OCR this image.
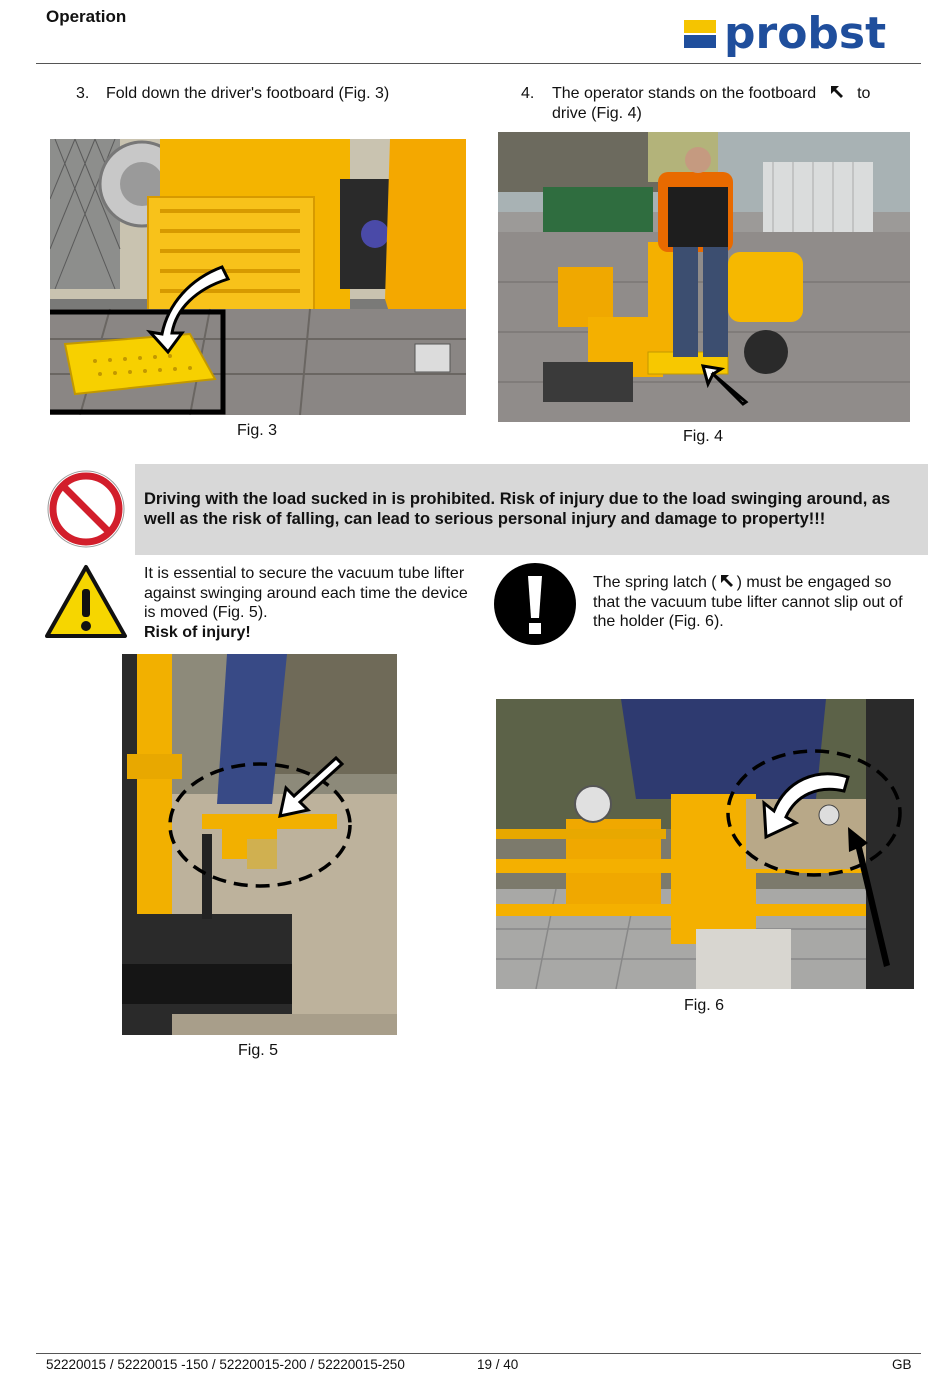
Operation	probst
3. Fold down the driver's footboard (Fig. 3)	4. The operator stands on the footboard	to
drive (Fig. 4)
Fig. 3	Fig. 4
Driving with the load sucked in is prohibited. Risk of injury due to the load swinging around, as well as the risk of falling, can lead to serious personal injury and damage to property!!!
It is essential to secure the vacuum tube lifter against swinging around each time the device is moved (Fig. 5).
Risk of injury!
The spring latch ( ) must be engaged so that the vacuum tube lifter cannot slip out of the holder (Fig. 6).
Fig. 5
Fig. 6
52220015 / 52220015 -150 / 52220015-200 / 52220015-250	19 / 40	GB
